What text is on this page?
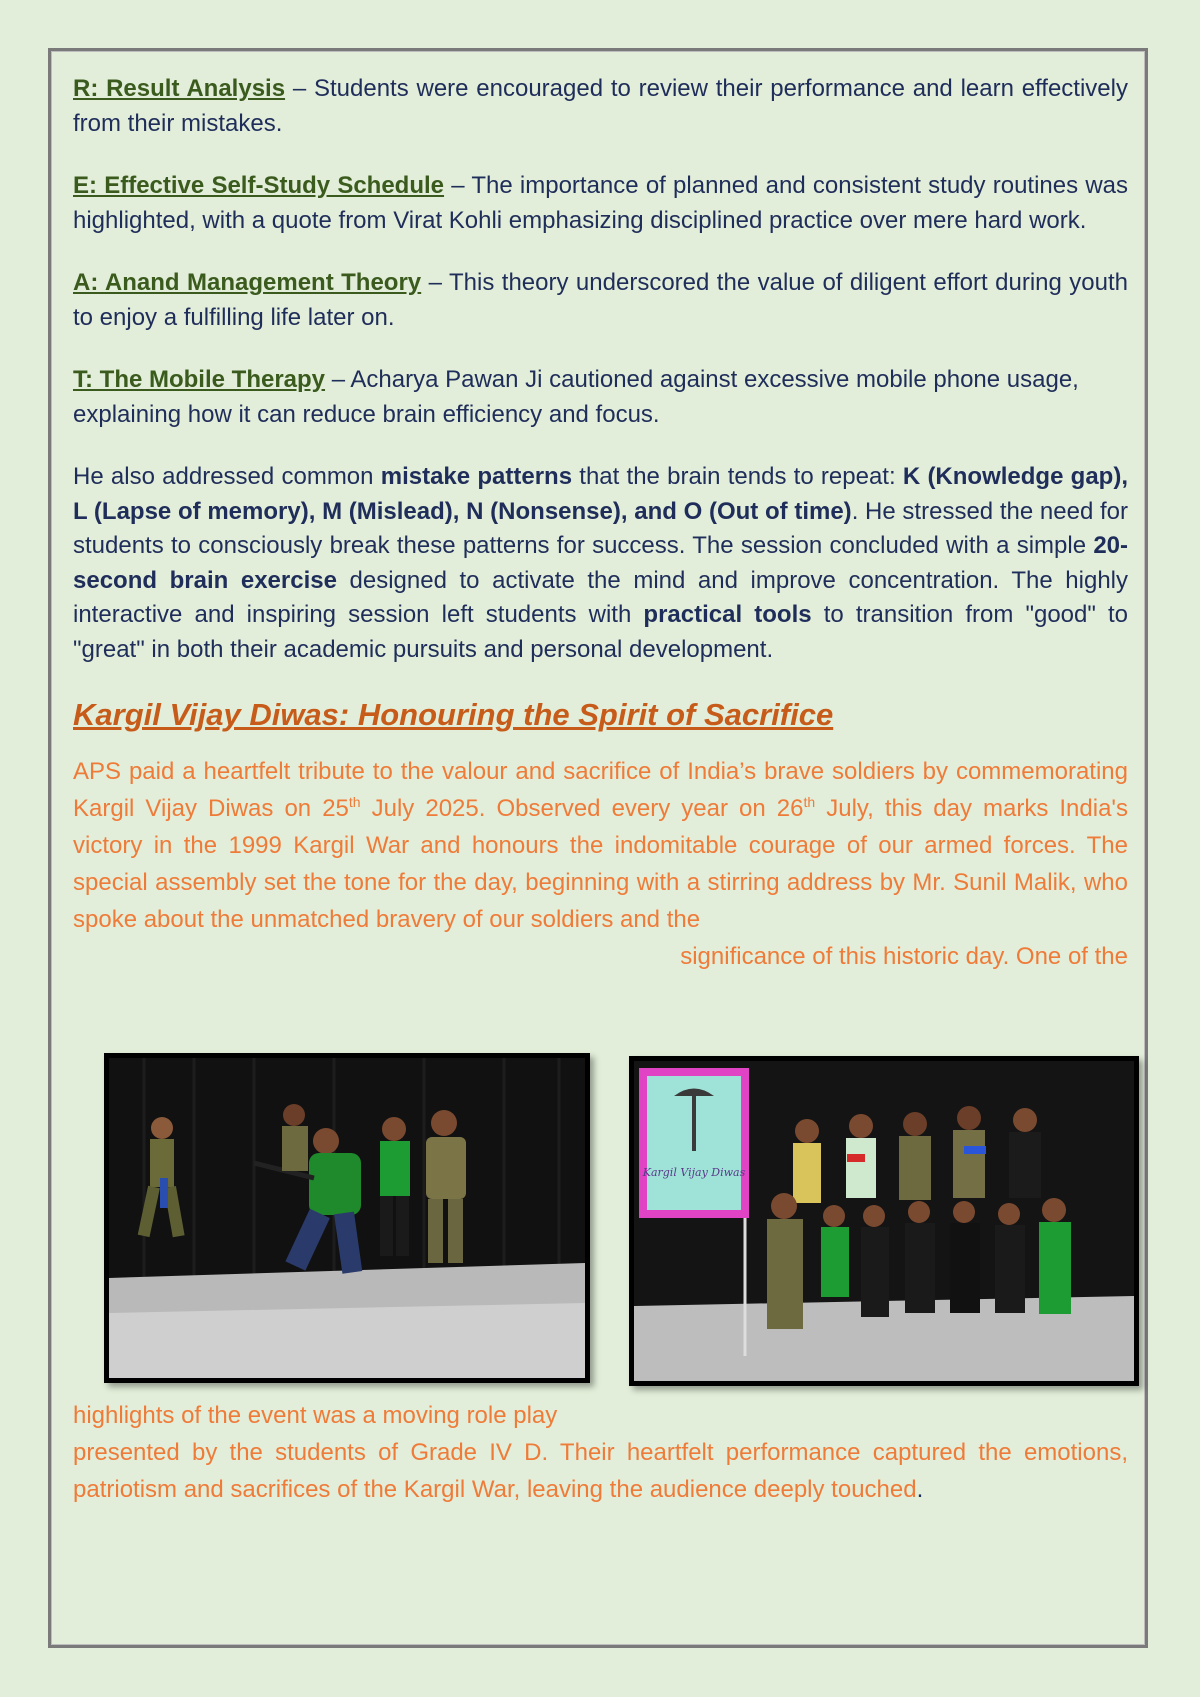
R: Result Analysis – Students were encouraged to review their performance and learn effectively from their mistakes.

E: Effective Self-Study Schedule – The importance of planned and consistent study routines was highlighted, with a quote from Virat Kohli emphasizing disciplined practice over mere hard work.

A: Anand Management Theory – This theory underscored the value of diligent effort during youth to enjoy a fulfilling life later on.

T: The Mobile Therapy – Acharya Pawan Ji cautioned against excessive mobile phone usage, explaining how it can reduce brain efficiency and focus.

He also addressed common mistake patterns that the brain tends to repeat: K (Knowledge gap), L (Lapse of memory), M (Mislead), N (Nonsense), and O (Out of time). He stressed the need for students to consciously break these patterns for success. The session concluded with a simple 20-second brain exercise designed to activate the mind and improve concentration. The highly interactive and inspiring session left students with practical tools to transition from "good" to "great" in both their academic pursuits and personal development.

Kargil Vijay Diwas: Honouring the Spirit of Sacrifice

APS paid a heartfelt tribute to the valour and sacrifice of India’s brave soldiers by commemorating Kargil Vijay Diwas on 25th July 2025. Observed every year on 26th July, this day marks India's victory in the 1999 Kargil War and honours the indomitable courage of our armed forces. The special assembly set the tone for the day, beginning with a stirring address by Mr. Sunil Malik, who spoke about the unmatched bravery of our soldiers and the

significance of this historic day. One of the

Kargil Vijay Diwas

highlights of the event was a moving role play

presented by the students of Grade IV D. Their heartfelt performance captured the emotions, patriotism and sacrifices of the Kargil War, leaving the audience deeply touched.
